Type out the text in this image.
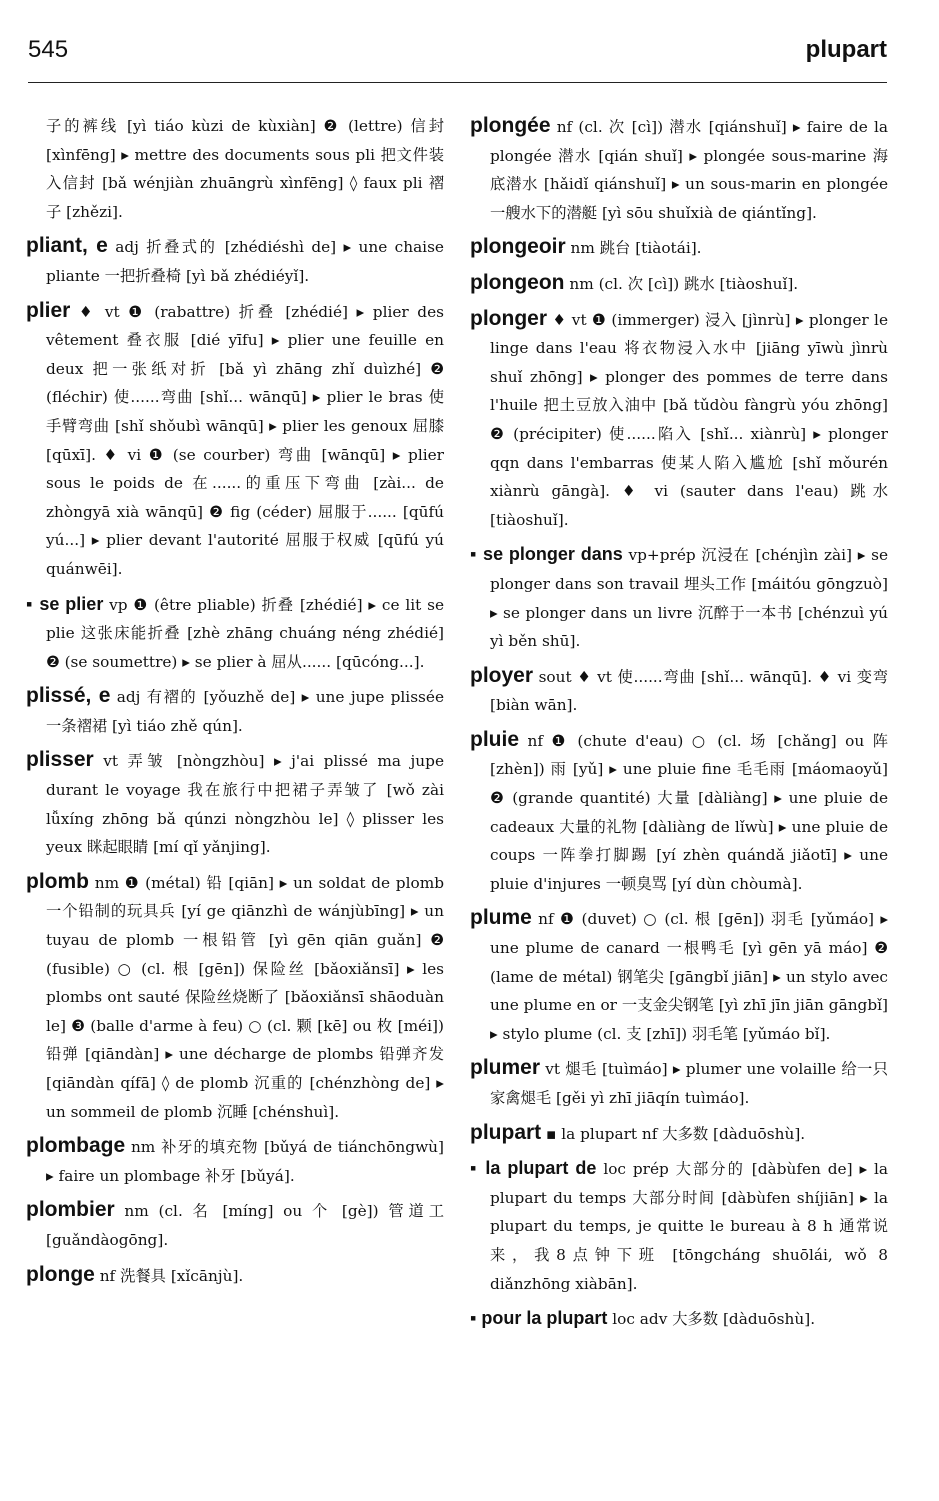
545	plupart

子的裤线 [yì tiáo kùzi de kùxiàn] ❷ (lettre) 信封 [xìnfēng] ▸ mettre des documents sous pli 把文件装入信封 [bǎ wénjiàn zhuāngrù xìnfēng] ◊ faux pli 褶子 [zhězi].

pliant, e adj 折叠式的 [zhédiéshì de] ▸ une chaise pliante 一把折叠椅 [yì bǎ zhédiéyǐ].

plier ♦ vt ❶ (rabattre) 折叠 [zhédié] ▸ plier des vêtement 叠衣服 [dié yīfu] ▸ plier une feuille en deux 把一张纸对折 [bǎ yì zhāng zhǐ duìzhé] ❷ (fléchir) 使......弯曲 [shǐ... wānqū] ▸ plier le bras 使手臂弯曲 [shǐ shǒubì wānqū] ▸ plier les genoux 屈膝 [qūxī]. ♦ vi ❶ (se courber) 弯曲 [wānqū] ▸ plier sous le poids de 在......的重压下弯曲 [zài... de zhòngyā xià wānqū] ❷ fig (céder) 屈服于...... [qūfú yú...] ▸ plier devant l'autorité 屈服于权威 [qūfú yú quánwēi].

▪ se plier vp ❶ (être pliable) 折叠 [zhédié] ▸ ce lit se plie 这张床能折叠 [zhè zhāng chuáng néng zhédié] ❷ (se soumettre) ▸ se plier à 屈从...... [qūcóng...].

plissé, e adj 有褶的 [yǒuzhě de] ▸ une jupe plissée 一条褶裙 [yì tiáo zhě qún].

plisser vt 弄皱 [nòngzhòu] ▸ j'ai plissé ma jupe durant le voyage 我在旅行中把裙子弄皱了 [wǒ zài lǚxíng zhōng bǎ qúnzi nòngzhòu le] ◊ plisser les yeux 眯起眼睛 [mí qǐ yǎnjing].

plomb nm ❶ (métal) 铅 [qiān] ▸ un soldat de plomb 一个铅制的玩具兵 [yí ge qiānzhì de wánjùbīng] ▸ un tuyau de plomb 一根铅管 [yì gēn qiān guǎn] ❷ (fusible) ○ (cl. 根 [gēn]) 保险丝 [bǎoxiǎnsī] ▸ les plombs ont sauté 保险丝烧断了 [bǎoxiǎnsī shāoduàn le] ❸ (balle d'arme à feu) ○ (cl. 颗 [kē] ou 枚 [méi]) 铅弹 [qiāndàn] ▸ une décharge de plombs 铅弹齐发 [qiāndàn qífā] ◊ de plomb 沉重的 [chénzhòng de] ▸ un sommeil de plomb 沉睡 [chénshuì].

plombage nm 补牙的填充物 [bǔyá de tiánchōngwù] ▸ faire un plombage 补牙 [bǔyá].

plombier nm (cl. 名 [míng] ou 个 [gè]) 管道工 [guǎndàogōng].

plonge nf 洗餐具 [xǐcānjù].

plongée nf (cl. 次 [cì]) 潜水 [qiánshuǐ] ▸ faire de la plongée 潜水 [qián shuǐ] ▸ plongée sous-marine 海底潜水 [hǎidǐ qiánshuǐ] ▸ un sous-marin en plongée 一艘水下的潜艇 [yì sōu shuǐxià de qiántǐng].

plongeoir nm 跳台 [tiàotái].

plongeon nm (cl. 次 [cì]) 跳水 [tiàoshuǐ].

plonger ♦ vt ❶ (immerger) 浸入 [jìnrù] ▸ plonger le linge dans l'eau 将衣物浸入水中 [jiāng yīwù jìnrù shuǐ zhōng] ▸ plonger des pommes de terre dans l'huile 把土豆放入油中 [bǎ tǔdòu fàngrù yóu zhōng] ❷ (précipiter) 使......陷入 [shǐ... xiànrù] ▸ plonger qqn dans l'embarras 使某人陷入尴尬 [shǐ mǒurén xiànrù gāngà]. ♦ vi (sauter dans l'eau) 跳水 [tiàoshuǐ].

▪ se plonger dans vp+prép 沉浸在 [chénjìn zài] ▸ se plonger dans son travail 埋头工作 [máitóu gōngzuò] ▸ se plonger dans un livre 沉醉于一本书 [chénzuì yú yì běn shū].

ployer sout ♦ vt 使......弯曲 [shǐ... wānqū]. ♦ vi 变弯 [biàn wān].

pluie nf ❶ (chute d'eau) ○ (cl. 场 [chǎng] ou 阵 [zhèn]) 雨 [yǔ] ▸ une pluie fine 毛毛雨 [máomaoyǔ] ❷ (grande quantité) 大量 [dàliàng] ▸ une pluie de cadeaux 大量的礼物 [dàliàng de lǐwù] ▸ une pluie de coups 一阵拳打脚踢 [yí zhèn quándǎ jiǎotī] ▸ une pluie d'injures 一顿臭骂 [yí dùn chòumà].

plume nf ❶ (duvet) ○ (cl. 根 [gēn]) 羽毛 [yǔmáo] ▸ une plume de canard 一根鸭毛 [yì gēn yā máo] ❷ (lame de métal) 钢笔尖 [gāngbǐ jiān] ▸ un stylo avec une plume en or 一支金尖钢笔 [yì zhī jīn jiān gāngbǐ] ▸ stylo plume (cl. 支 [zhī]) 羽毛笔 [yǔmáo bǐ].

plumer vt 煺毛 [tuìmáo] ▸ plumer une volaille 给一只家禽煺毛 [gěi yì zhī jiāqín tuìmáo].

plupart ▪ la plupart nf 大多数 [dàduōshù].

▪ la plupart de loc prép 大部分的 [dàbùfen de] ▸ la plupart du temps 大部分时间 [dàbùfen shíjiān] ▸ la plupart du temps, je quitte le bureau à 8 h 通常说来，我8点钟下班 [tōngcháng shuōlái, wǒ 8 diǎnzhōng xiàbān].

▪ pour la plupart loc adv 大多数 [dàduōshù].
